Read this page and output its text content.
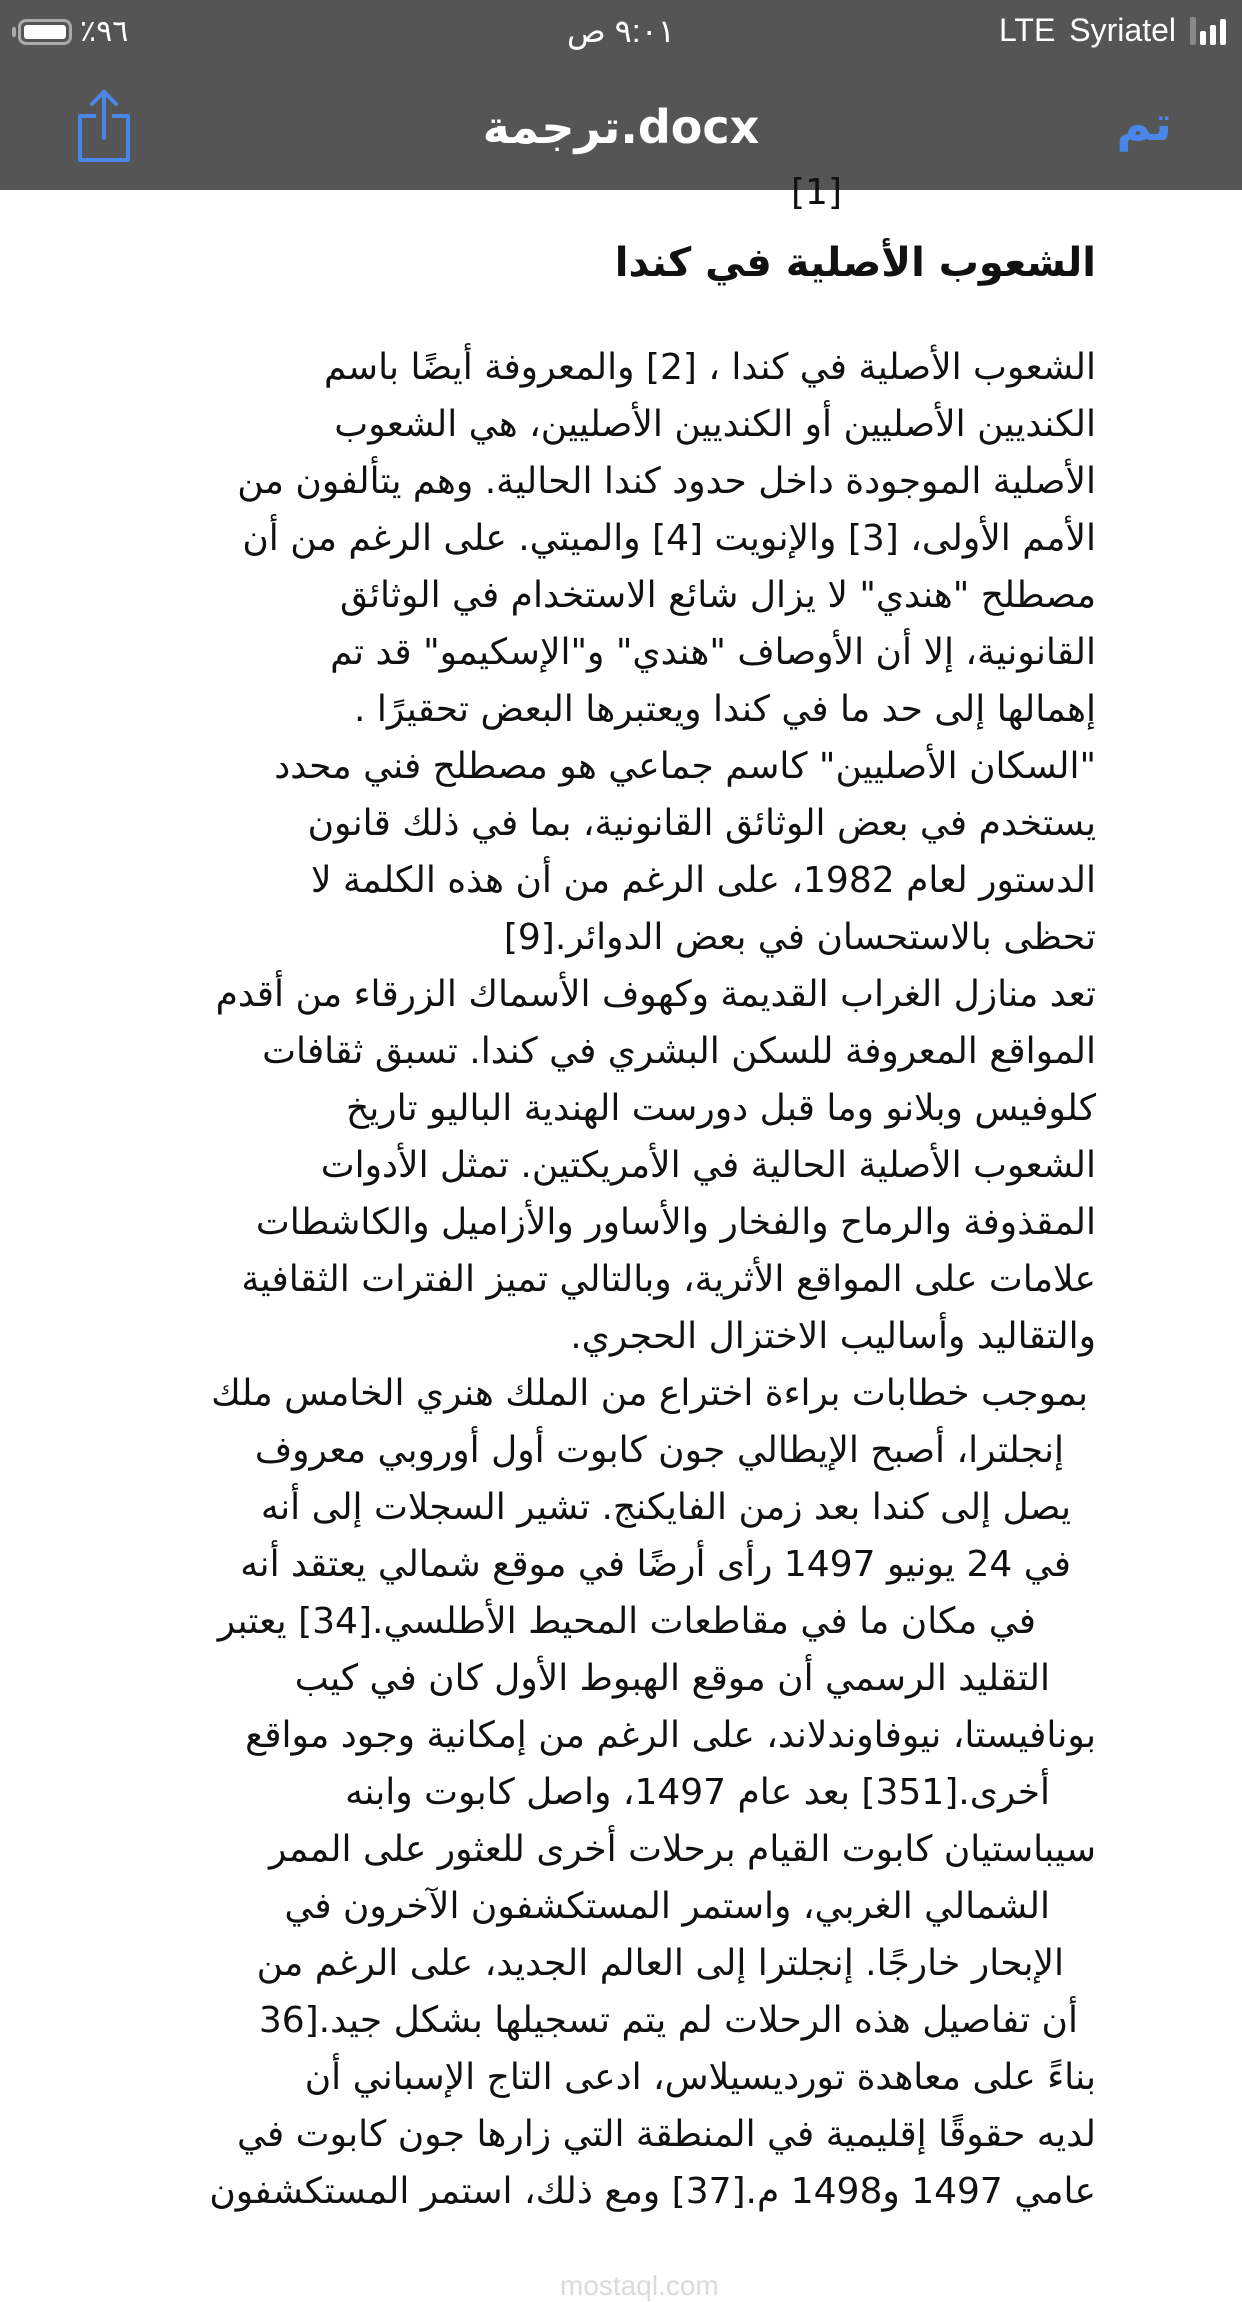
٪٩٦	٩:٠١ ص	LTE Syriatel
ترجمة.docx	تم
[1]
الشعوب الأصلية في كندا
الشعوب الأصلية في كندا ، [2] والمعروفة أيضًا باسم
الكنديين الأصليين أو الكنديين الأصليين، هي الشعوب
الأصلية الموجودة داخل حدود كندا الحالية. وهم يتألفون من
الأمم الأولى، [3] والإنويت [4] والميتي. على الرغم من أن
مصطلح "هندي" لا يزال شائع الاستخدام في الوثائق
القانونية، إلا أن الأوصاف "هندي" و"الإسكيمو" قد تم
إهمالها إلى حد ما في كندا ويعتبرها البعض تحقيرًا .
"السكان الأصليين" كاسم جماعي هو مصطلح فني محدد
يستخدم في بعض الوثائق القانونية، بما في ذلك قانون
الدستور لعام 1982، على الرغم من أن هذه الكلمة لا
تحظى بالاستحسان في بعض الدوائر.[9]
تعد منازل الغراب القديمة وكهوف الأسماك الزرقاء من أقدم
المواقع المعروفة للسكن البشري في كندا. تسبق ثقافات
كلوفيس وبلانو وما قبل دورست الهندية الباليو تاريخ
الشعوب الأصلية الحالية في الأمريكتين. تمثل الأدوات
المقذوفة والرماح والفخار والأساور والأزاميل والكاشطات
علامات على المواقع الأثرية، وبالتالي تميز الفترات الثقافية
والتقاليد وأساليب الاختزال الحجري.
بموجب خطابات براءة اختراع من الملك هنري الخامس ملك
إنجلترا، أصبح الإيطالي جون كابوت أول أوروبي معروف
يصل إلى كندا بعد زمن الفايكنج. تشير السجلات إلى أنه
في 24 يونيو 1497 رأى أرضًا في موقع شمالي يعتقد أنه
في مكان ما في مقاطعات المحيط الأطلسي.[34] يعتبر
التقليد الرسمي أن موقع الهبوط الأول كان في كيب
بونافيستا، نيوفاوندلاند، على الرغم من إمكانية وجود مواقع
أخرى.[351] بعد عام 1497، واصل كابوت وابنه
سيباستيان كابوت القيام برحلات أخرى للعثور على الممر
الشمالي الغربي، واستمر المستكشفون الآخرون في
الإبحار خارجًا. إنجلترا إلى العالم الجديد، على الرغم من
أن تفاصيل هذه الرحلات لم يتم تسجيلها بشكل جيد.[36
بناءً على معاهدة تورديسيلاس، ادعى التاج الإسباني أن
لديه حقوقًا إقليمية في المنطقة التي زارها جون كابوت في
عامي 1497 و1498 م.[37] ومع ذلك، استمر المستكشفون
mostaql.com
